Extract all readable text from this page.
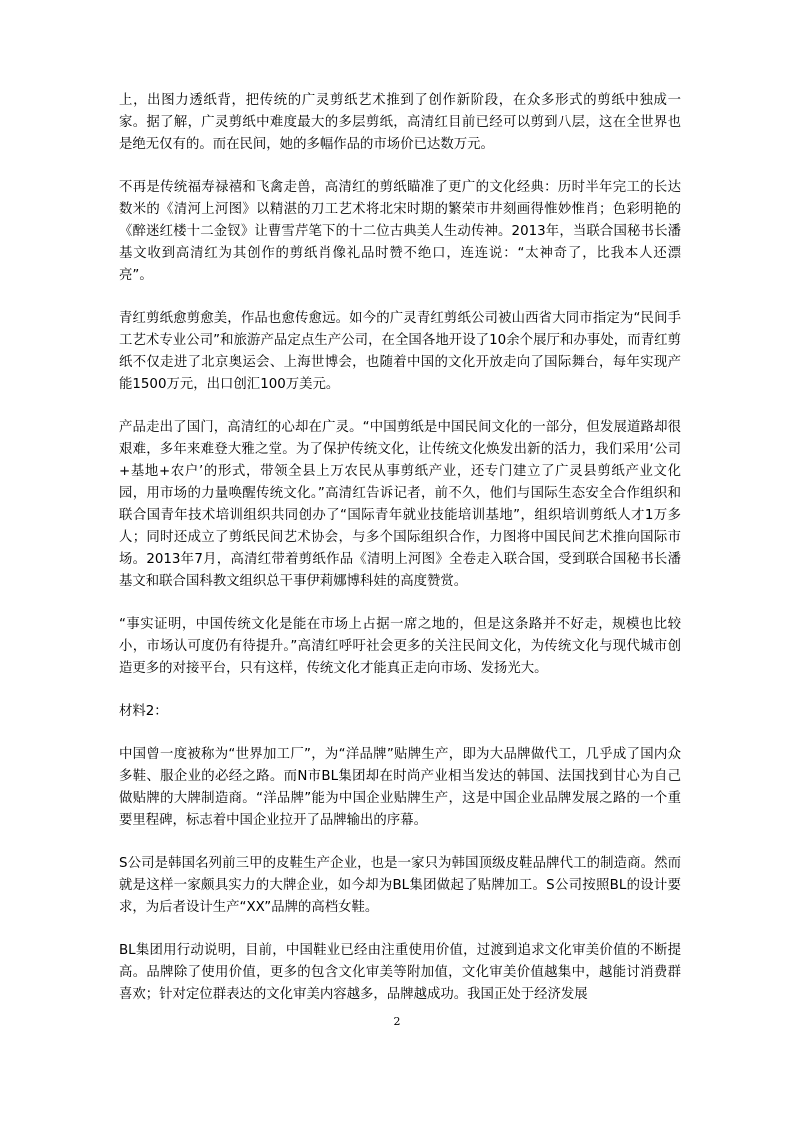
上，出图力透纸背，把传统的广灵剪纸艺术推到了创作新阶段，在众多形式的剪纸中独成一家。据了解，广灵剪纸中难度最大的多层剪纸，高清红目前已经可以剪到八层，这在全世界也是绝无仅有的。而在民间，她的多幅作品的市场价已达数万元。

不再是传统福寿禄禧和飞禽走兽，高清红的剪纸瞄准了更广的文化经典：历时半年完工的长达数米的《清河上河图》以精湛的刀工艺术将北宋时期的繁荣市井刻画得惟妙惟肖；色彩明艳的《醉迷红楼十二金钗》让曹雪芹笔下的十二位古典美人生动传神。2013年，当联合国秘书长潘基文收到高清红为其创作的剪纸肖像礼品时赞不绝口，连连说：“太神奇了，比我本人还漂亮”。

青红剪纸愈剪愈美，作品也愈传愈远。如今的广灵青红剪纸公司被山西省大同市指定为“民间手工艺术专业公司”和旅游产品定点生产公司，在全国各地开设了10余个展厅和办事处，而青红剪纸不仅走进了北京奥运会、上海世博会，也随着中国的文化开放走向了国际舞台，每年实现产能1500万元，出口创汇100万美元。

产品走出了国门，高清红的心却在广灵。“中国剪纸是中国民间文化的一部分，但发展道路却很艰难，多年来难登大雅之堂。为了保护传统文化，让传统文化焕发出新的活力，我们采用‘公司+基地+农户’的形式，带领全县上万农民从事剪纸产业，还专门建立了广灵县剪纸产业文化园，用市场的力量唤醒传统文化。”高清红告诉记者，前不久，他们与国际生态安全合作组织和联合国青年技术培训组织共同创办了“国际青年就业技能培训基地”，组织培训剪纸人才1万多人；同时还成立了剪纸民间艺术协会，与多个国际组织合作，力图将中国民间艺术推向国际市场。2013年7月，高清红带着剪纸作品《清明上河图》全卷走入联合国，受到联合国秘书长潘基文和联合国科教文组织总干事伊莉娜博科娃的高度赞赏。

“事实证明，中国传统文化是能在市场上占据一席之地的，但是这条路并不好走，规模也比较小，市场认可度仍有待提升。”高清红呼吁社会更多的关注民间文化，为传统文化与现代城市创造更多的对接平台，只有这样，传统文化才能真正走向市场、发扬光大。

材料2：

中国曾一度被称为“世界加工厂”，为“洋品牌”贴牌生产，即为大品牌做代工，几乎成了国内众多鞋、服企业的必经之路。而N市BL集团却在时尚产业相当发达的韩国、法国找到甘心为自己做贴牌的大牌制造商。“洋品牌”能为中国企业贴牌生产，这是中国企业品牌发展之路的一个重要里程碑，标志着中国企业拉开了品牌输出的序幕。

S公司是韩国名列前三甲的皮鞋生产企业，也是一家只为韩国顶级皮鞋品牌代工的制造商。然而就是这样一家颇具实力的大牌企业，如今却为BL集团做起了贴牌加工。S公司按照BL的设计要求，为后者设计生产“XX”品牌的高档女鞋。

BL集团用行动说明，目前，中国鞋业已经由注重使用价值，过渡到追求文化审美价值的不断提高。品牌除了使用价值，更多的包含文化审美等附加值，文化审美价值越集中，越能讨消费群喜欢；针对定位群表达的文化审美内容越多，品牌越成功。我国正处于经济发展

2
